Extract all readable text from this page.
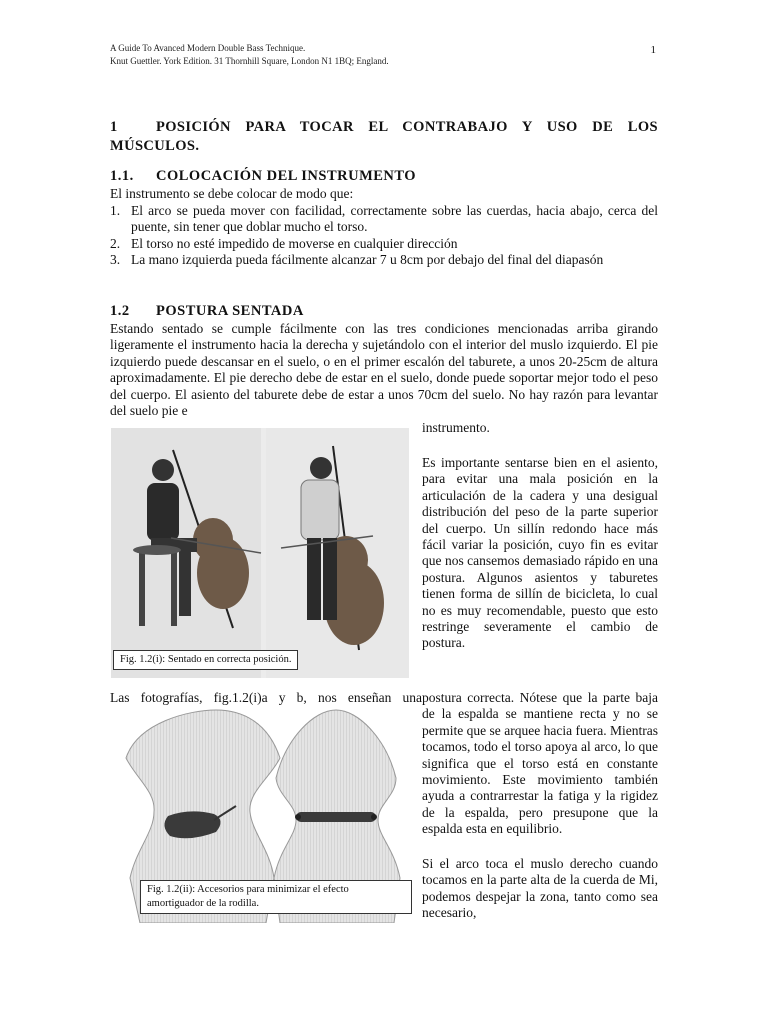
A Guide To Avanced Modern Double Bass Technique.
Knut Guettler. York Edition. 31 Thornhill Square, London N1 1BQ; England.
1
1	POSICIÓN PARA TOCAR EL CONTRABAJO Y USO DE LOS MÚSCULOS.
1.1. COLOCACIÓN DEL INSTRUMENTO
El instrumento se debe colocar de modo que:
1. El arco se pueda mover con facilidad, correctamente sobre las cuerdas, hacia abajo, cerca del puente, sin tener que doblar mucho el torso.
2. El torso no esté impedido de moverse en cualquier dirección
3. La mano izquierda pueda fácilmente alcanzar 7 u 8cm por debajo del final del diapasón
1.2 POSTURA SENTADA
Estando sentado se cumple fácilmente con las tres condiciones mencionadas arriba girando ligeramente el instrumento hacia la derecha y sujetándolo con el interior del muslo izquierdo. El pie izquierdo puede descansar en el suelo, o en el primer escalón del taburete, a unos 20-25cm de altura aproximadamente. El pie derecho debe de estar en el suelo, donde puede soportar mejor todo el peso del cuerpo. El asiento del taburete debe de estar a unos 70cm del suelo. No hay razón para levantar del suelo pie e
instrumento.
Fig. 1.2(i): Sentado en correcta posición.
Es importante sentarse bien en el asiento, para evitar una mala posición en la articulación de la cadera y una desigual distribución del peso de la parte superior del cuerpo. Un sillín redondo hace más fácil variar la posición, cuyo fin es evitar que nos cansemos demasiado rápido en una postura. Algunos asientos y taburetes tienen forma de sillín de bicicleta, lo cual no es muy recomendable, puesto que esto restringe severamente el cambio de postura.
Las fotografías, fig.1.2(i)a y b, nos enseñan una postura correcta. Nótese que la parte baja de la espalda se mantiene recta y no se permite que se arquee hacia fuera. Mientras tocamos, todo el torso apoya al arco, lo que significa que el torso está en constante movimiento. Este movimiento también ayuda a contrarrestar la fatiga y la rigidez de la espalda, pero presupone que la espalda esta en equilibrio.
Fig. 1.2(ii): Accesorios para minimizar el efecto amortiguador de la rodilla.
Si el arco toca el muslo derecho cuando tocamos en la parte alta de la cuerda de Mi, podemos despejar la zona, tanto como sea necesario,
